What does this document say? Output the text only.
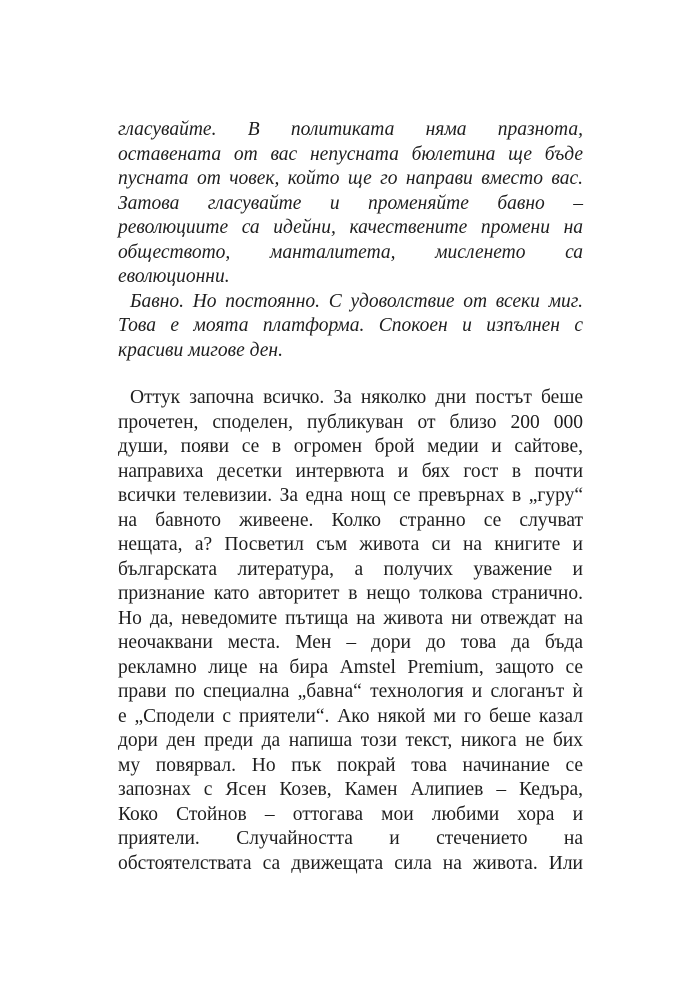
гласувайте. В политиката няма празнота,
оставената от вас непусната бюлетина ще бъде
пусната от човек, който ще го направи вместо вас.
Затова гласувайте и променяйте бавно –
революциите са идейни, качествените промени на
обществото, манталитета, мисленето са
еволюционни.
Бавно. Но постоянно. С удоволствие от всеки миг.
Това е моята платформа. Спокоен и изпълнен с
красиви мигове ден.
Оттук започна всичко. За няколко дни постът беше
прочетен, споделен, публикуван от близо 200 000
души, появи се в огромен брой медии и сайтове,
направиха десетки интервюта и бях гост в почти
всички телевизии. За една нощ се превърнах в „гуру“
на бавното живеене. Колко странно се случват
нещата, а? Посветил съм живота си на книгите и
българската литература, а получих уважение и
признание като авторитет в нещо толкова странично.
Но да, неведомите пътища на живота ни отвеждат на
неочаквани места. Мен – дори до това да бъда
рекламно лице на бира Amstel Premium, защото се
прави по специална „бавна“ технология и слоганът ѝ
е „Сподели с приятели“. Ако някой ми го беше казал
дори ден преди да напиша този текст, никога не бих
му повярвал. Но пък покрай това начинание се
запознах с Ясен Козев, Камен Алипиев – Кедъра,
Коко Стойнов – оттогава мои любими хора и
приятели. Случайността и стечението на
обстоятелствата са движещата сила на живота. Или
